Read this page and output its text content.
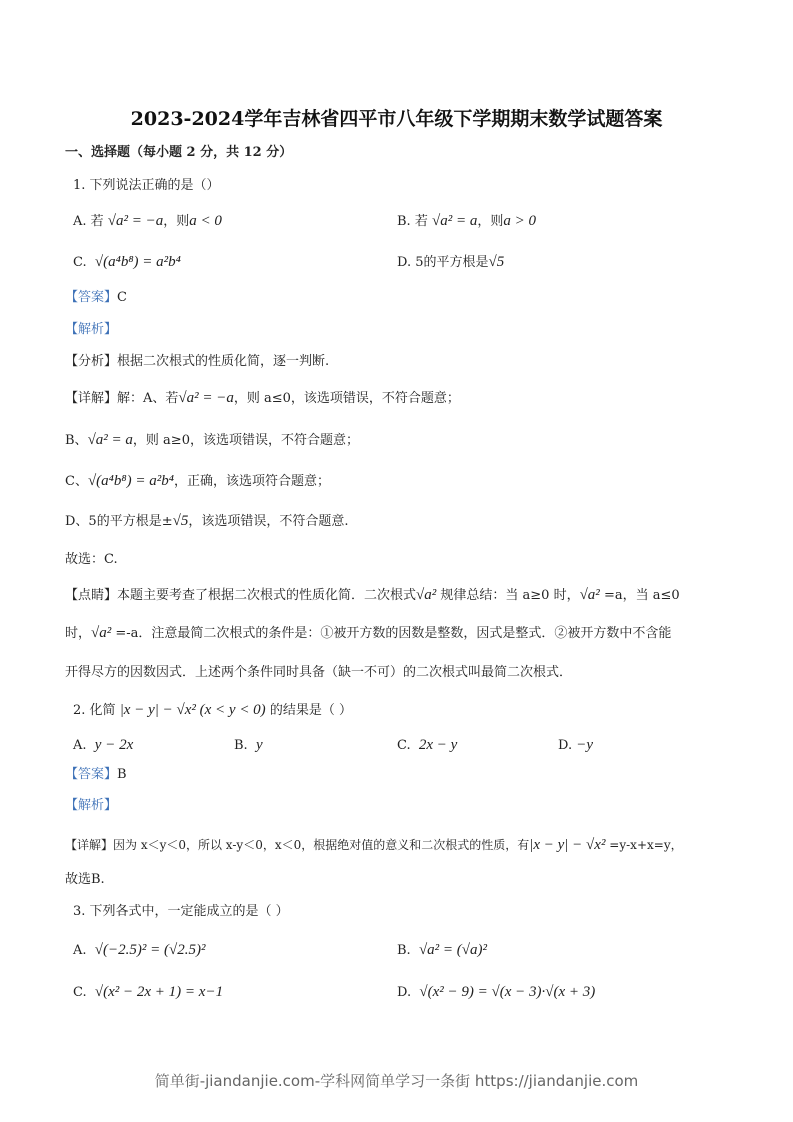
2023-2024学年吉林省四平市八年级下学期期末数学试题答案
一、选择题（每小题 2 分，共 12 分）
1. 下列说法正确的是（）
A. 若 √a² = −a，则a < 0	B. 若 √a² = a，则a > 0
C. √(a⁴b⁸) = a²b⁴	D. 5的平方根是√5
【答案】C
【解析】
【分析】根据二次根式的性质化简，逐一判断.
【详解】解：A、若√a² = −a，则 a≤0，该选项错误，不符合题意；
B、√a² = a，则 a≥0，该选项错误，不符合题意；
C、√(a⁴b⁸) = a²b⁴，正确，该选项符合题意；
D、5的平方根是±√5，该选项错误，不符合题意.
故选：C.
【点睛】本题主要考查了根据二次根式的性质化简．二次根式√a² 规律总结：当 a≥0 时，√a² =a，当 a≤0
时，√a² =-a．注意最简二次根式的条件是：①被开方数的因数是整数，因式是整式．②被开方数中不含能
开得尽方的因数因式．上述两个条件同时具备（缺一不可）的二次根式叫最简二次根式．
2. 化简 |x − y| − √x² (x < y < 0) 的结果是（ ）
A. y − 2x	B. y	C. 2x − y	D. −y
【答案】B
【解析】
【详解】因为 x＜y＜0，所以 x-y＜0，x＜0，根据绝对值的意义和二次根式的性质，有|x − y| − √x² =y-x+x=y，
故选B.
3. 下列各式中，一定能成立的是（ ）
A. √(−2.5)² = (√2.5)²	B. √a² = (√a)²
C. √(x² − 2x + 1) = x−1	D. √(x² − 9) = √(x − 3)·√(x + 3)
简单街-jiandanjie.com-学科网简单学习一条街 https://jiandanjie.com
